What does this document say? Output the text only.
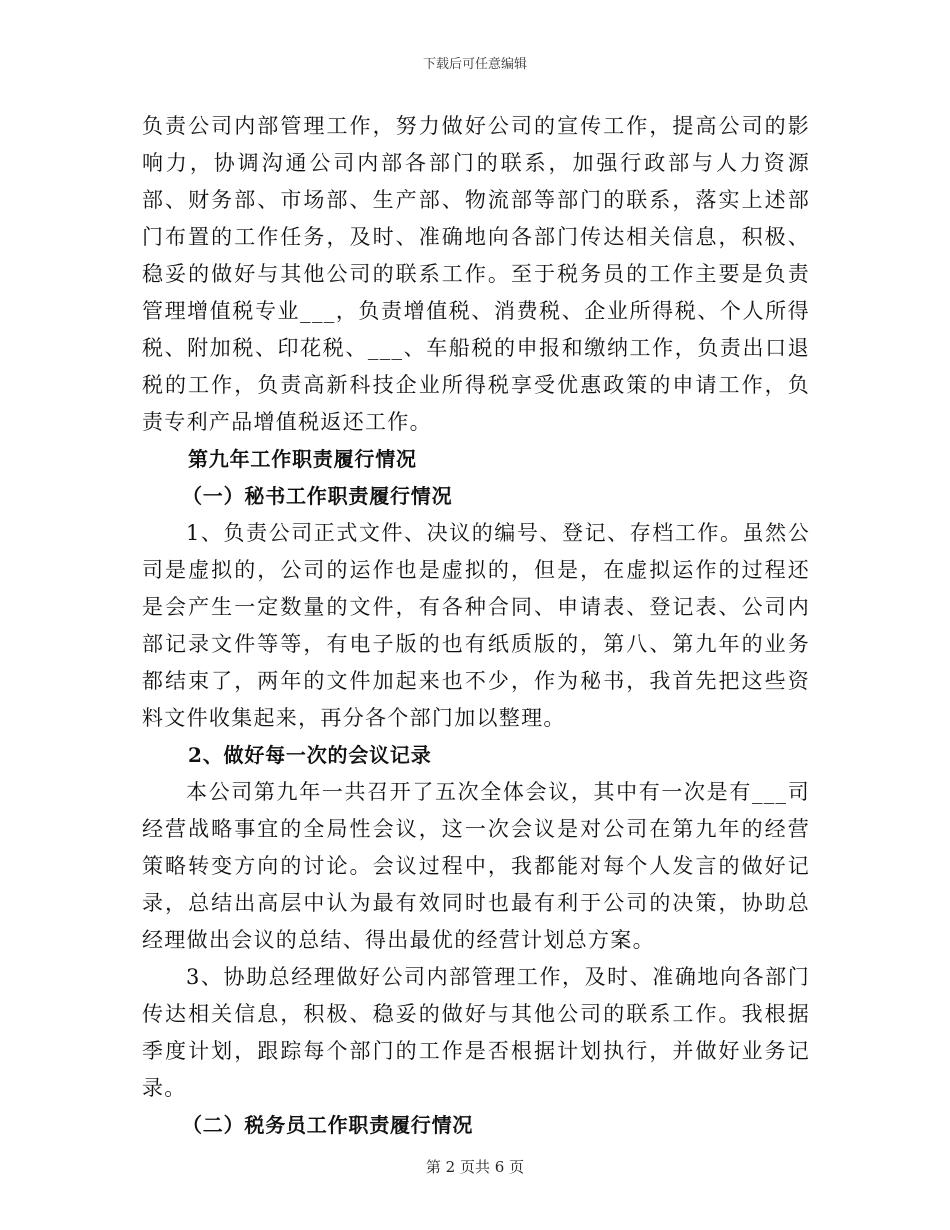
下载后可任意编辑

负责公司内部管理工作，努力做好公司的宣传工作，提高公司的影响力，协调沟通公司内部各部门的联系，加强行政部与人力资源部、财务部、市场部、生产部、物流部等部门的联系，落实上述部门布置的工作任务，及时、准确地向各部门传达相关信息，积极、稳妥的做好与其他公司的联系工作。至于税务员的工作主要是负责管理增值税专业___，负责增值税、消费税、企业所得税、个人所得税、附加税、印花税、___、车船税的申报和缴纳工作，负责出口退税的工作，负责高新科技企业所得税享受优惠政策的申请工作，负责专利产品增值税返还工作。

第九年工作职责履行情况

（一）秘书工作职责履行情况

1、负责公司正式文件、决议的编号、登记、存档工作。虽然公司是虚拟的，公司的运作也是虚拟的，但是，在虚拟运作的过程还是会产生一定数量的文件，有各种合同、申请表、登记表、公司内部记录文件等等，有电子版的也有纸质版的，第八、第九年的业务都结束了，两年的文件加起来也不少，作为秘书，我首先把这些资料文件收集起来，再分各个部门加以整理。

2、做好每一次的会议记录

本公司第九年一共召开了五次全体会议，其中有一次是有___司经营战略事宜的全局性会议，这一次会议是对公司在第九年的经营策略转变方向的讨论。会议过程中，我都能对每个人发言的做好记录，总结出高层中认为最有效同时也最有利于公司的决策，协助总经理做出会议的总结、得出最优的经营计划总方案。

3、协助总经理做好公司内部管理工作，及时、准确地向各部门传达相关信息，积极、稳妥的做好与其他公司的联系工作。我根据季度计划，跟踪每个部门的工作是否根据计划执行，并做好业务记录。

（二）税务员工作职责履行情况

第 2 页共 6 页
